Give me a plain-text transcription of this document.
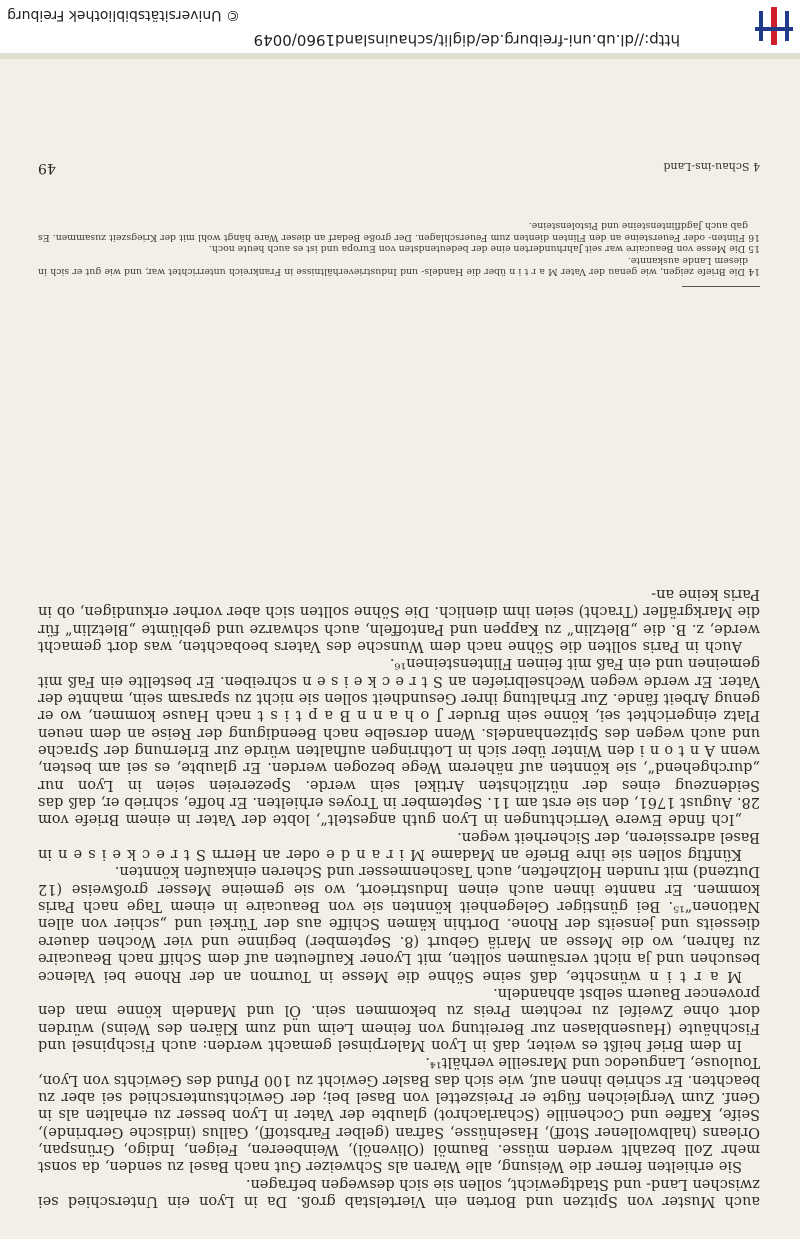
auch Muster von Spitzen und Borten ein Viertelstab groß. Da in Lyon ein Unterschied sei zwischen Land- und Stadtgewicht, sollen sie sich deswegen befragen.

Sie erhielten ferner die Weisung, alle Waren als Schweizer Gut nach Basel zu senden, da sonst mehr Zoll bezahlt werden müsse. Baumöl (Olivenöl), Weinbeeren, Feigen, Indigo, Grünspan, Orleans (halbwollener Stoff), Haselnüsse, Safran (gelber Farbstoff), Gallus (indische Gerbrinde), Seife, Kaffee und Cochenille (Scharlachrot) glaubte der Vater in Lyon besser zu erhalten als in Genf. Zum Vergleichen fügte er Preiszettel von Basel bei; der Gewichtsunterschied sei aber zu beachten. Er schrieb ihnen auf, wie sich das Basler Gewicht zu 100 Pfund des Gewichts von Lyon, Toulouse, Languedoc und Marseille verhält¹⁴.

In dem Brief heißt es weiter, daß in Lyon Malerpinsel gemacht werden: auch Fischpinsel und Fischhäute (Hausenblasen zur Bereitung von feinem Leim und zum Klären des Weins) würden dort ohne Zweifel zu rechtem Preis zu bekommen sein. Öl und Mandeln könne man den provencer Bauern selbst abhandeln.

M a r t i n wünschte, daß seine Söhne die Messe in Tournon an der Rhone bei Valence besuchen und ja nicht versäumen sollten, mit Lyoner Kaufleuten auf dem Schiff nach Beaucaire zu fahren, wo die Messe an Mariä Geburt (8. September) beginne und vier Wochen dauere diesseits und jenseits der Rhone. Dorthin kämen Schiffe aus der Türkei und „schier von allen Nationen“¹⁵. Bei günstiger Gelegenheit könnten sie von Beaucaire in einem Tage nach Paris kommen. Er nannte ihnen auch einen Industrieort, wo sie gemeine Messer großweise (12 Dutzend) mit runden Holzheften, auch Taschenmesser und Scheren einkaufen könnten.

Künftig sollen sie ihre Briefe an Madame M i r a n d e oder an Herrn S t r e c k e i s e n in Basel adressieren, der Sicherheit wegen.

„Ich finde Ewere Verrichtungen in Lyon guth angestelt“, lobte der Vater in einem Briefe vom 28. August 1761, den sie erst am 11. September in Troyes erhielten. Er hoffe, schrieb er, daß das Seidenzeug eines der nützlichsten Artikel sein werde. Spezereien seien in Lyon nur „durchgehend“, sie könnten auf näherem Wege bezogen werden. Er glaubte, es sei am besten, wenn A n t o n i den Winter über sich in Lothringen aufhalten würde zur Erlernung der Sprache und auch wegen des Spitzenhandels. Wenn derselbe nach Beendigung der Reise an dem neuen Platz eingerichtet sei, könne sein Bruder J o h a n n B a p t i s t nach Hause kommen, wo er genug Arbeit fände. Zur Erhaltung ihrer Gesundheit sollen sie nicht zu sparsam sein, mahnte der Vater. Er werde wegen Wechselbriefen an S t r e c k e i s e n schreiben. Er bestellte ein Faß mit gemeinen und ein Faß mit feinen Flintensteinen¹⁶.

Auch in Paris sollten die Söhne nach dem Wunsche des Vaters beobachten, was dort gemacht werde, z. B. die „Bletzlin“ zu Kappen und Pantoffeln, auch schwarze und geblümte „Bletzlin“ für die Markgräfler (Tracht) seien ihm dienlich. Die Söhne sollten sich aber vorher erkundigen, ob in Paris keine an-

14 Die Briefe zeigen, wie genau der Vater M a r t i n über die Handels- und Industrieverhältnisse in Frankreich unterrichtet war, und wie gut er sich in diesem Lande auskannte.

15 Die Messe von Beaucaire war seit Jahrhunderten eine der bedeutendsten von Europa und ist es auch heute noch.

16 Flinten- oder Feuersteine an den Flinten dienten zum Feuerschlagen. Der große Bedarf an dieser Ware hängt wohl mit der Kriegszeit zusammen. Es gab auch Jagdflintensteine und Pistolensteine.

4 Schau-ins-Land
49
http://dl.ub.uni-freiburg.de/diglit/schauinsland1960/0049
© Universitätsbibliothek Freiburg
